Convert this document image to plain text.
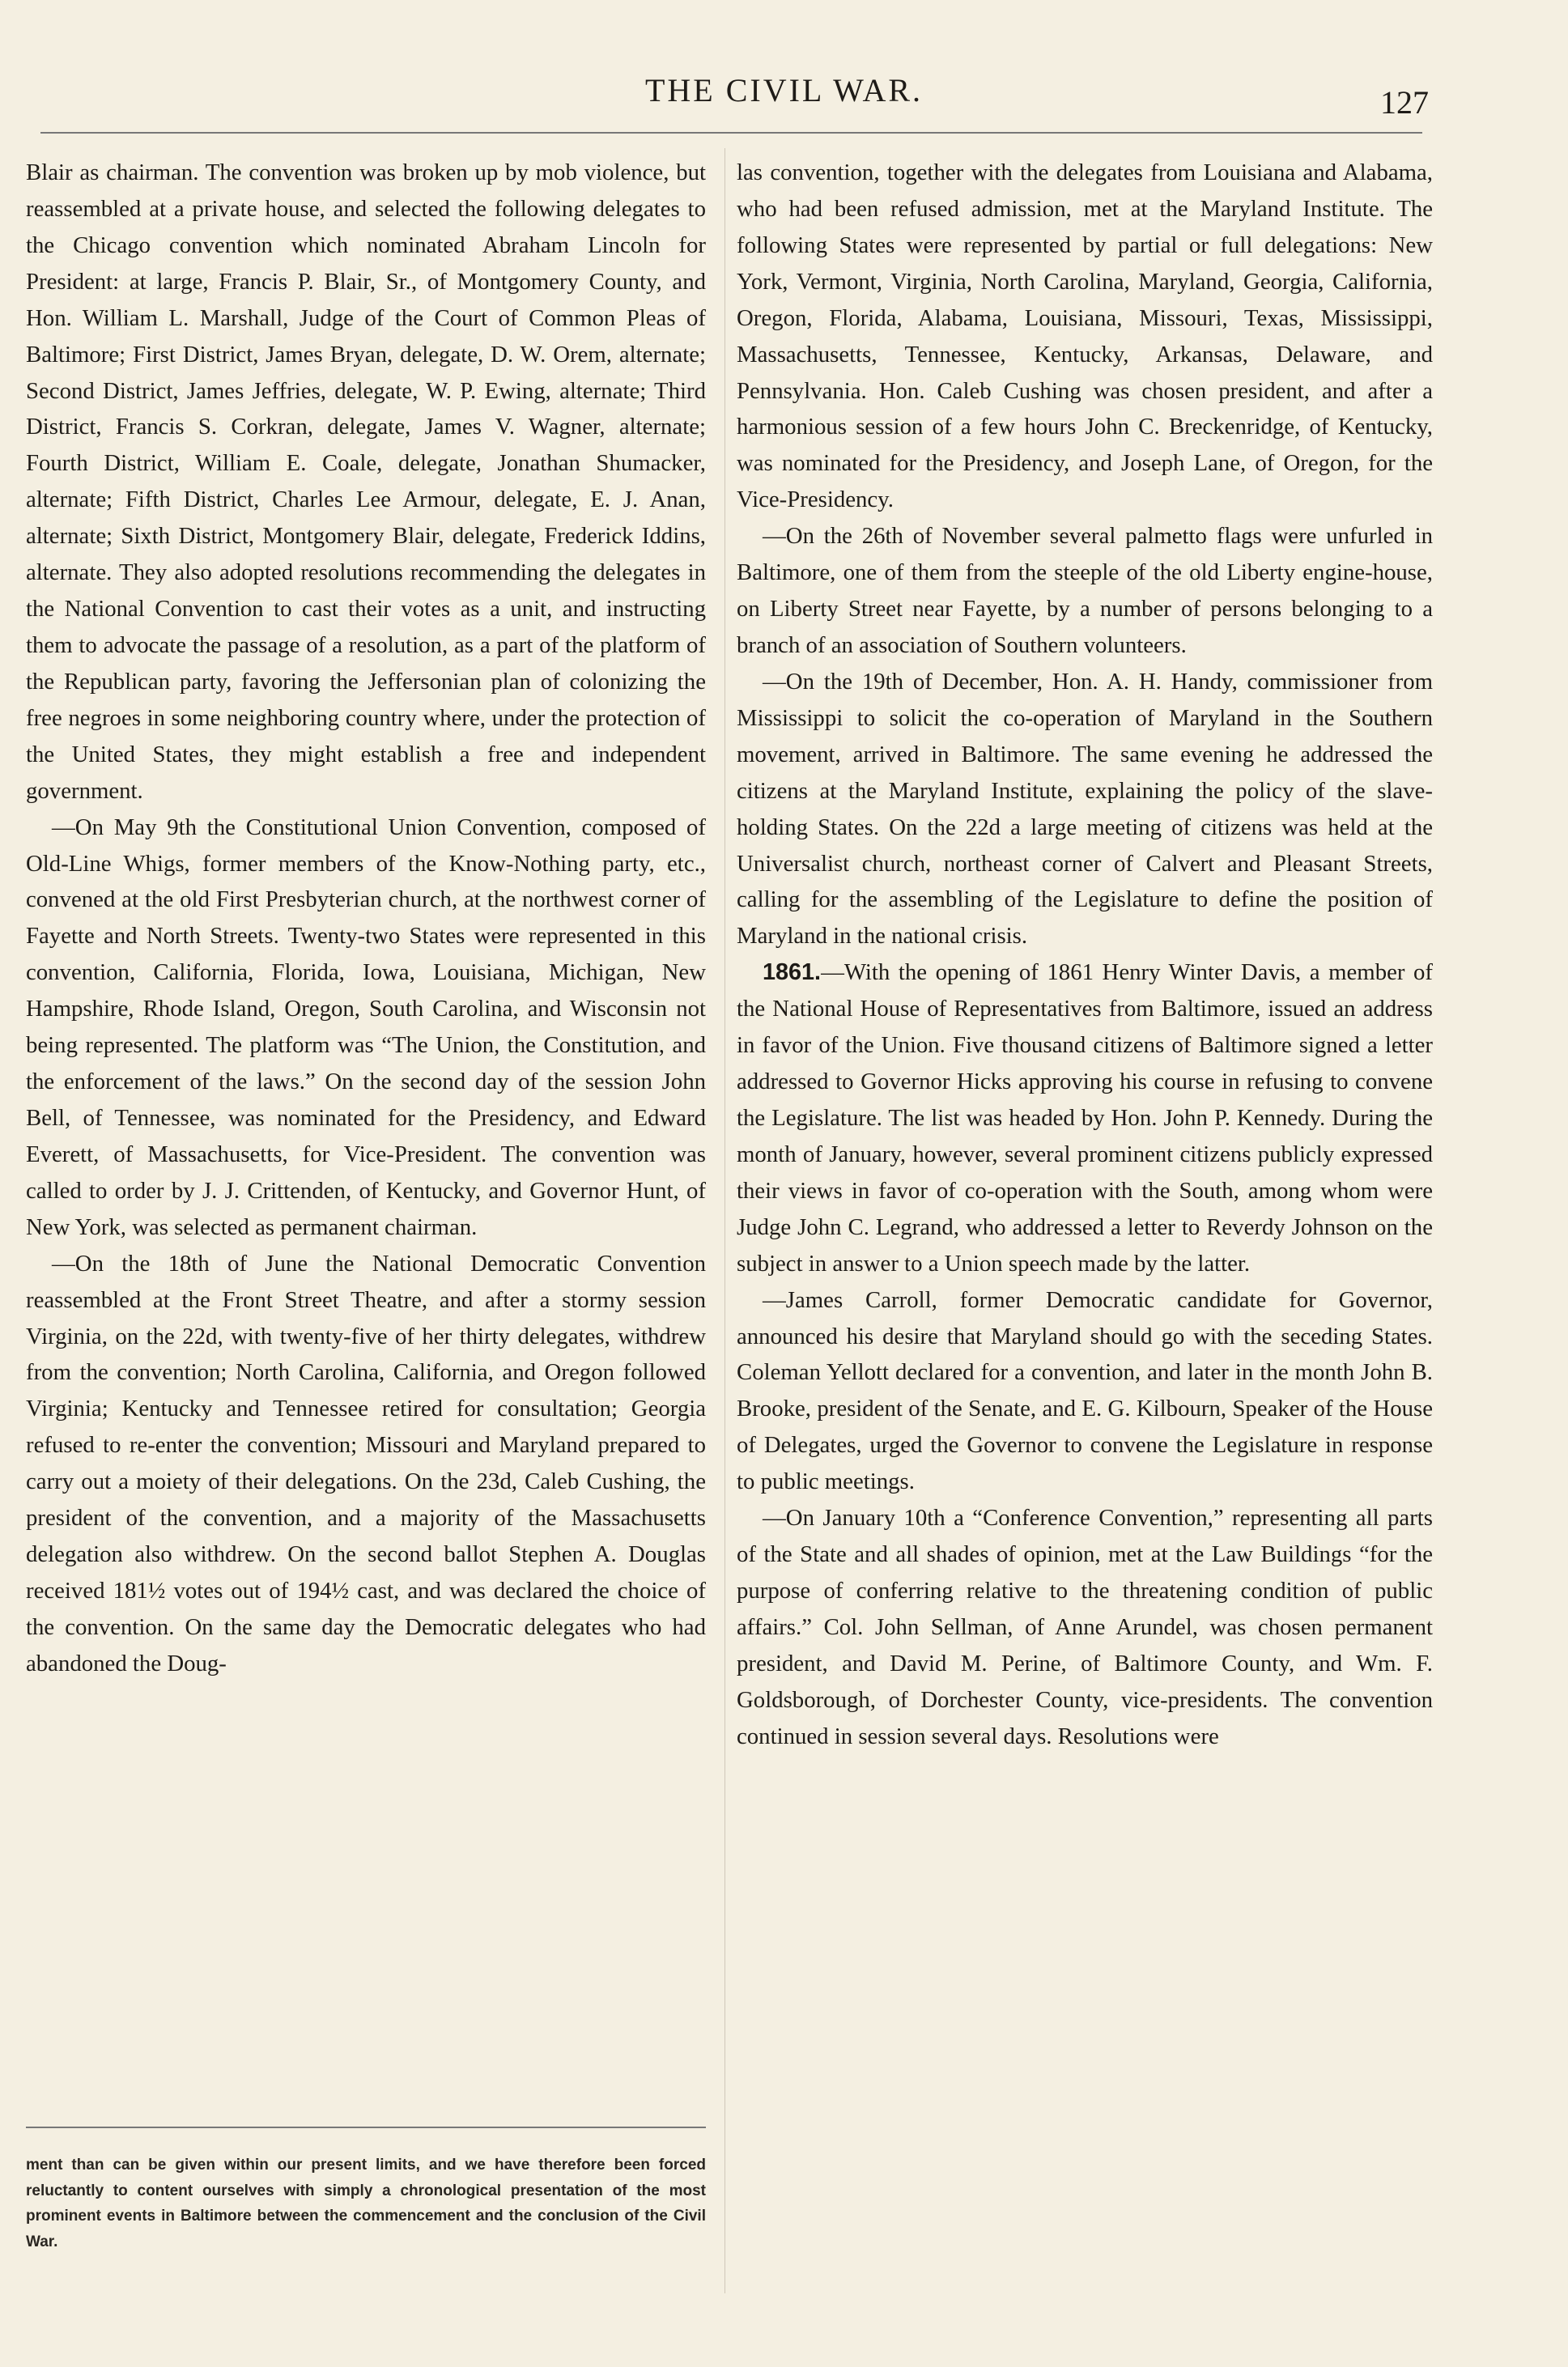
THE CIVIL WAR.	127

Blair as chairman. The convention was broken up by mob violence, but reassembled at a private house, and selected the following delegates to the Chicago convention which nominated Abraham Lincoln for President: at large, Francis P. Blair, Sr., of Montgomery County, and Hon. William L. Marshall, Judge of the Court of Common Pleas of Baltimore; First District, James Bryan, delegate, D. W. Orem, alternate; Second District, James Jeffries, delegate, W. P. Ewing, alternate; Third District, Francis S. Corkran, delegate, James V. Wagner, alternate; Fourth District, William E. Coale, delegate, Jonathan Shumacker, alternate; Fifth District, Charles Lee Armour, delegate, E. J. Anan, alternate; Sixth District, Montgomery Blair, delegate, Frederick Iddins, alternate. They also adopted resolutions recommending the delegates in the National Convention to cast their votes as a unit, and instructing them to advocate the passage of a resolution, as a part of the platform of the Republican party, favoring the Jeffersonian plan of colonizing the free negroes in some neighboring country where, under the protection of the United States, they might establish a free and independent government.

—On May 9th the Constitutional Union Convention, composed of Old-Line Whigs, former members of the Know-Nothing party, etc., convened at the old First Presbyterian church, at the northwest corner of Fayette and North Streets. Twenty-two States were represented in this convention, California, Florida, Iowa, Louisiana, Michigan, New Hampshire, Rhode Island, Oregon, South Carolina, and Wisconsin not being represented. The platform was “The Union, the Constitution, and the enforcement of the laws.” On the second day of the session John Bell, of Tennessee, was nominated for the Presidency, and Edward Everett, of Massachusetts, for Vice-President. The convention was called to order by J. J. Crittenden, of Kentucky, and Governor Hunt, of New York, was selected as permanent chairman.

—On the 18th of June the National Democratic Convention reassembled at the Front Street Theatre, and after a stormy session Virginia, on the 22d, with twenty-five of her thirty delegates, withdrew from the convention; North Carolina, California, and Oregon followed Virginia; Kentucky and Tennessee retired for consultation; Georgia refused to re-enter the convention; Missouri and Maryland prepared to carry out a moiety of their delegations. On the 23d, Caleb Cushing, the president of the convention, and a majority of the Massachusetts delegation also withdrew. On the second ballot Stephen A. Douglas received 181½ votes out of 194½ cast, and was declared the choice of the convention. On the same day the Democratic delegates who had abandoned the Doug-

las convention, together with the delegates from Louisiana and Alabama, who had been refused admission, met at the Maryland Institute. The following States were represented by partial or full delegations: New York, Vermont, Virginia, North Carolina, Maryland, Georgia, California, Oregon, Florida, Alabama, Louisiana, Missouri, Texas, Mississippi, Massachusetts, Tennessee, Kentucky, Arkansas, Delaware, and Pennsylvania. Hon. Caleb Cushing was chosen president, and after a harmonious session of a few hours John C. Breckenridge, of Kentucky, was nominated for the Presidency, and Joseph Lane, of Oregon, for the Vice-Presidency.

—On the 26th of November several palmetto flags were unfurled in Baltimore, one of them from the steeple of the old Liberty engine-house, on Liberty Street near Fayette, by a number of persons belonging to a branch of an association of Southern volunteers.

—On the 19th of December, Hon. A. H. Handy, commissioner from Mississippi to solicit the co-operation of Maryland in the Southern movement, arrived in Baltimore. The same evening he addressed the citizens at the Maryland Institute, explaining the policy of the slave-holding States. On the 22d a large meeting of citizens was held at the Universalist church, northeast corner of Calvert and Pleasant Streets, calling for the assembling of the Legislature to define the position of Maryland in the national crisis.

1861.—With the opening of 1861 Henry Winter Davis, a member of the National House of Representatives from Baltimore, issued an address in favor of the Union. Five thousand citizens of Baltimore signed a letter addressed to Governor Hicks approving his course in refusing to convene the Legislature. The list was headed by Hon. John P. Kennedy. During the month of January, however, several prominent citizens publicly expressed their views in favor of co-operation with the South, among whom were Judge John C. Legrand, who addressed a letter to Reverdy Johnson on the subject in answer to a Union speech made by the latter.

—James Carroll, former Democratic candidate for Governor, announced his desire that Maryland should go with the seceding States. Coleman Yellott declared for a convention, and later in the month John B. Brooke, president of the Senate, and E. G. Kilbourn, Speaker of the House of Delegates, urged the Governor to convene the Legislature in response to public meetings.

—On January 10th a “Conference Convention,” representing all parts of the State and all shades of opinion, met at the Law Buildings “for the purpose of conferring relative to the threatening condition of public affairs.” Col. John Sellman, of Anne Arundel, was chosen permanent president, and David M. Perine, of Baltimore County, and Wm. F. Goldsborough, of Dorchester County, vice-presidents. The convention continued in session several days. Resolutions were

ment than can be given within our present limits, and we have therefore been forced reluctantly to content ourselves with simply a chronological presentation of the most prominent events in Baltimore between the commencement and the conclusion of the Civil War.
